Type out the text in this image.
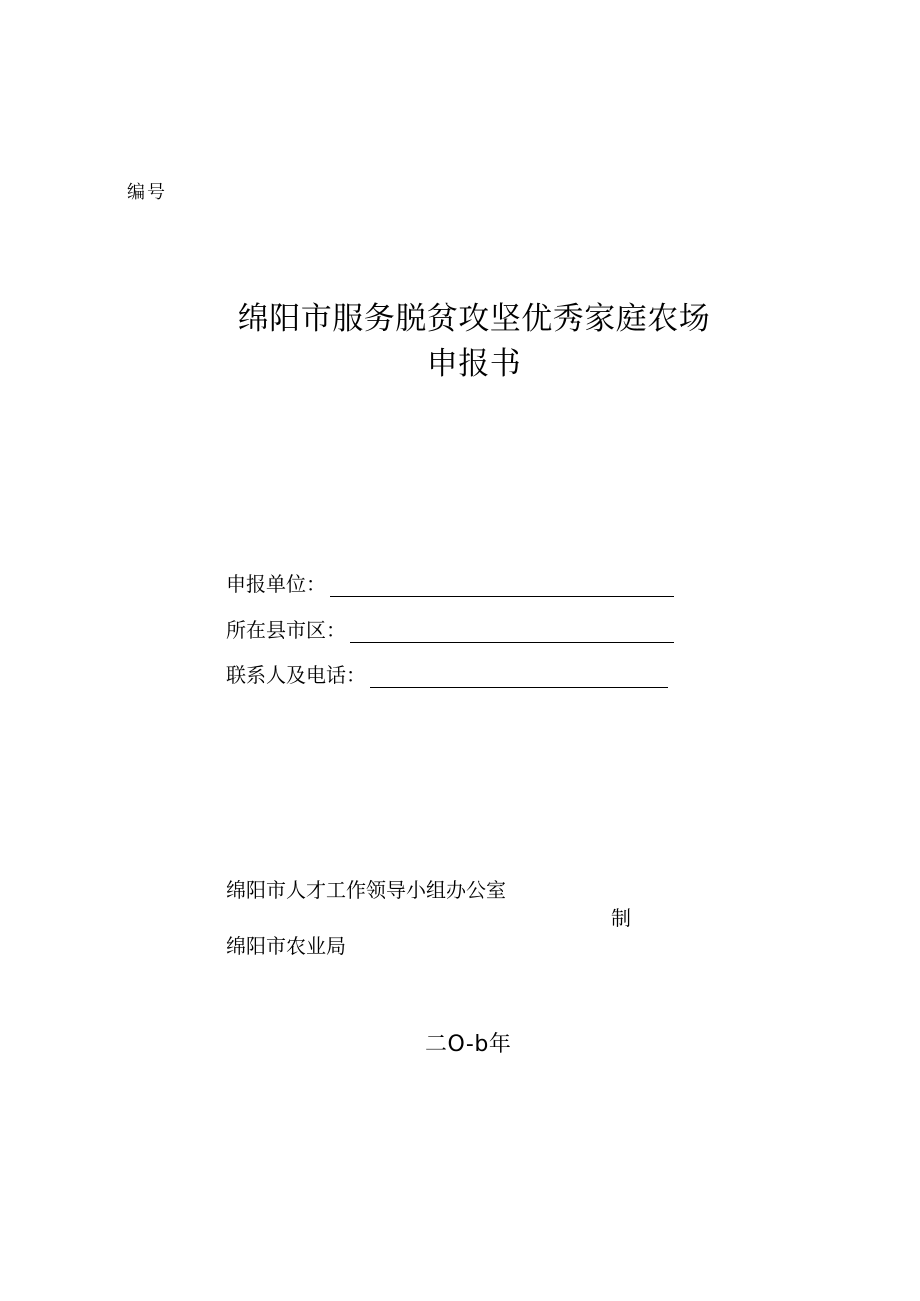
编号
绵阳市服务脱贫攻坚优秀家庭农场
申报书
申报单位：
所在县市区：
联系人及电话：
绵阳市人才工作领导小组办公室
制
绵阳市农业局
二O-b年
